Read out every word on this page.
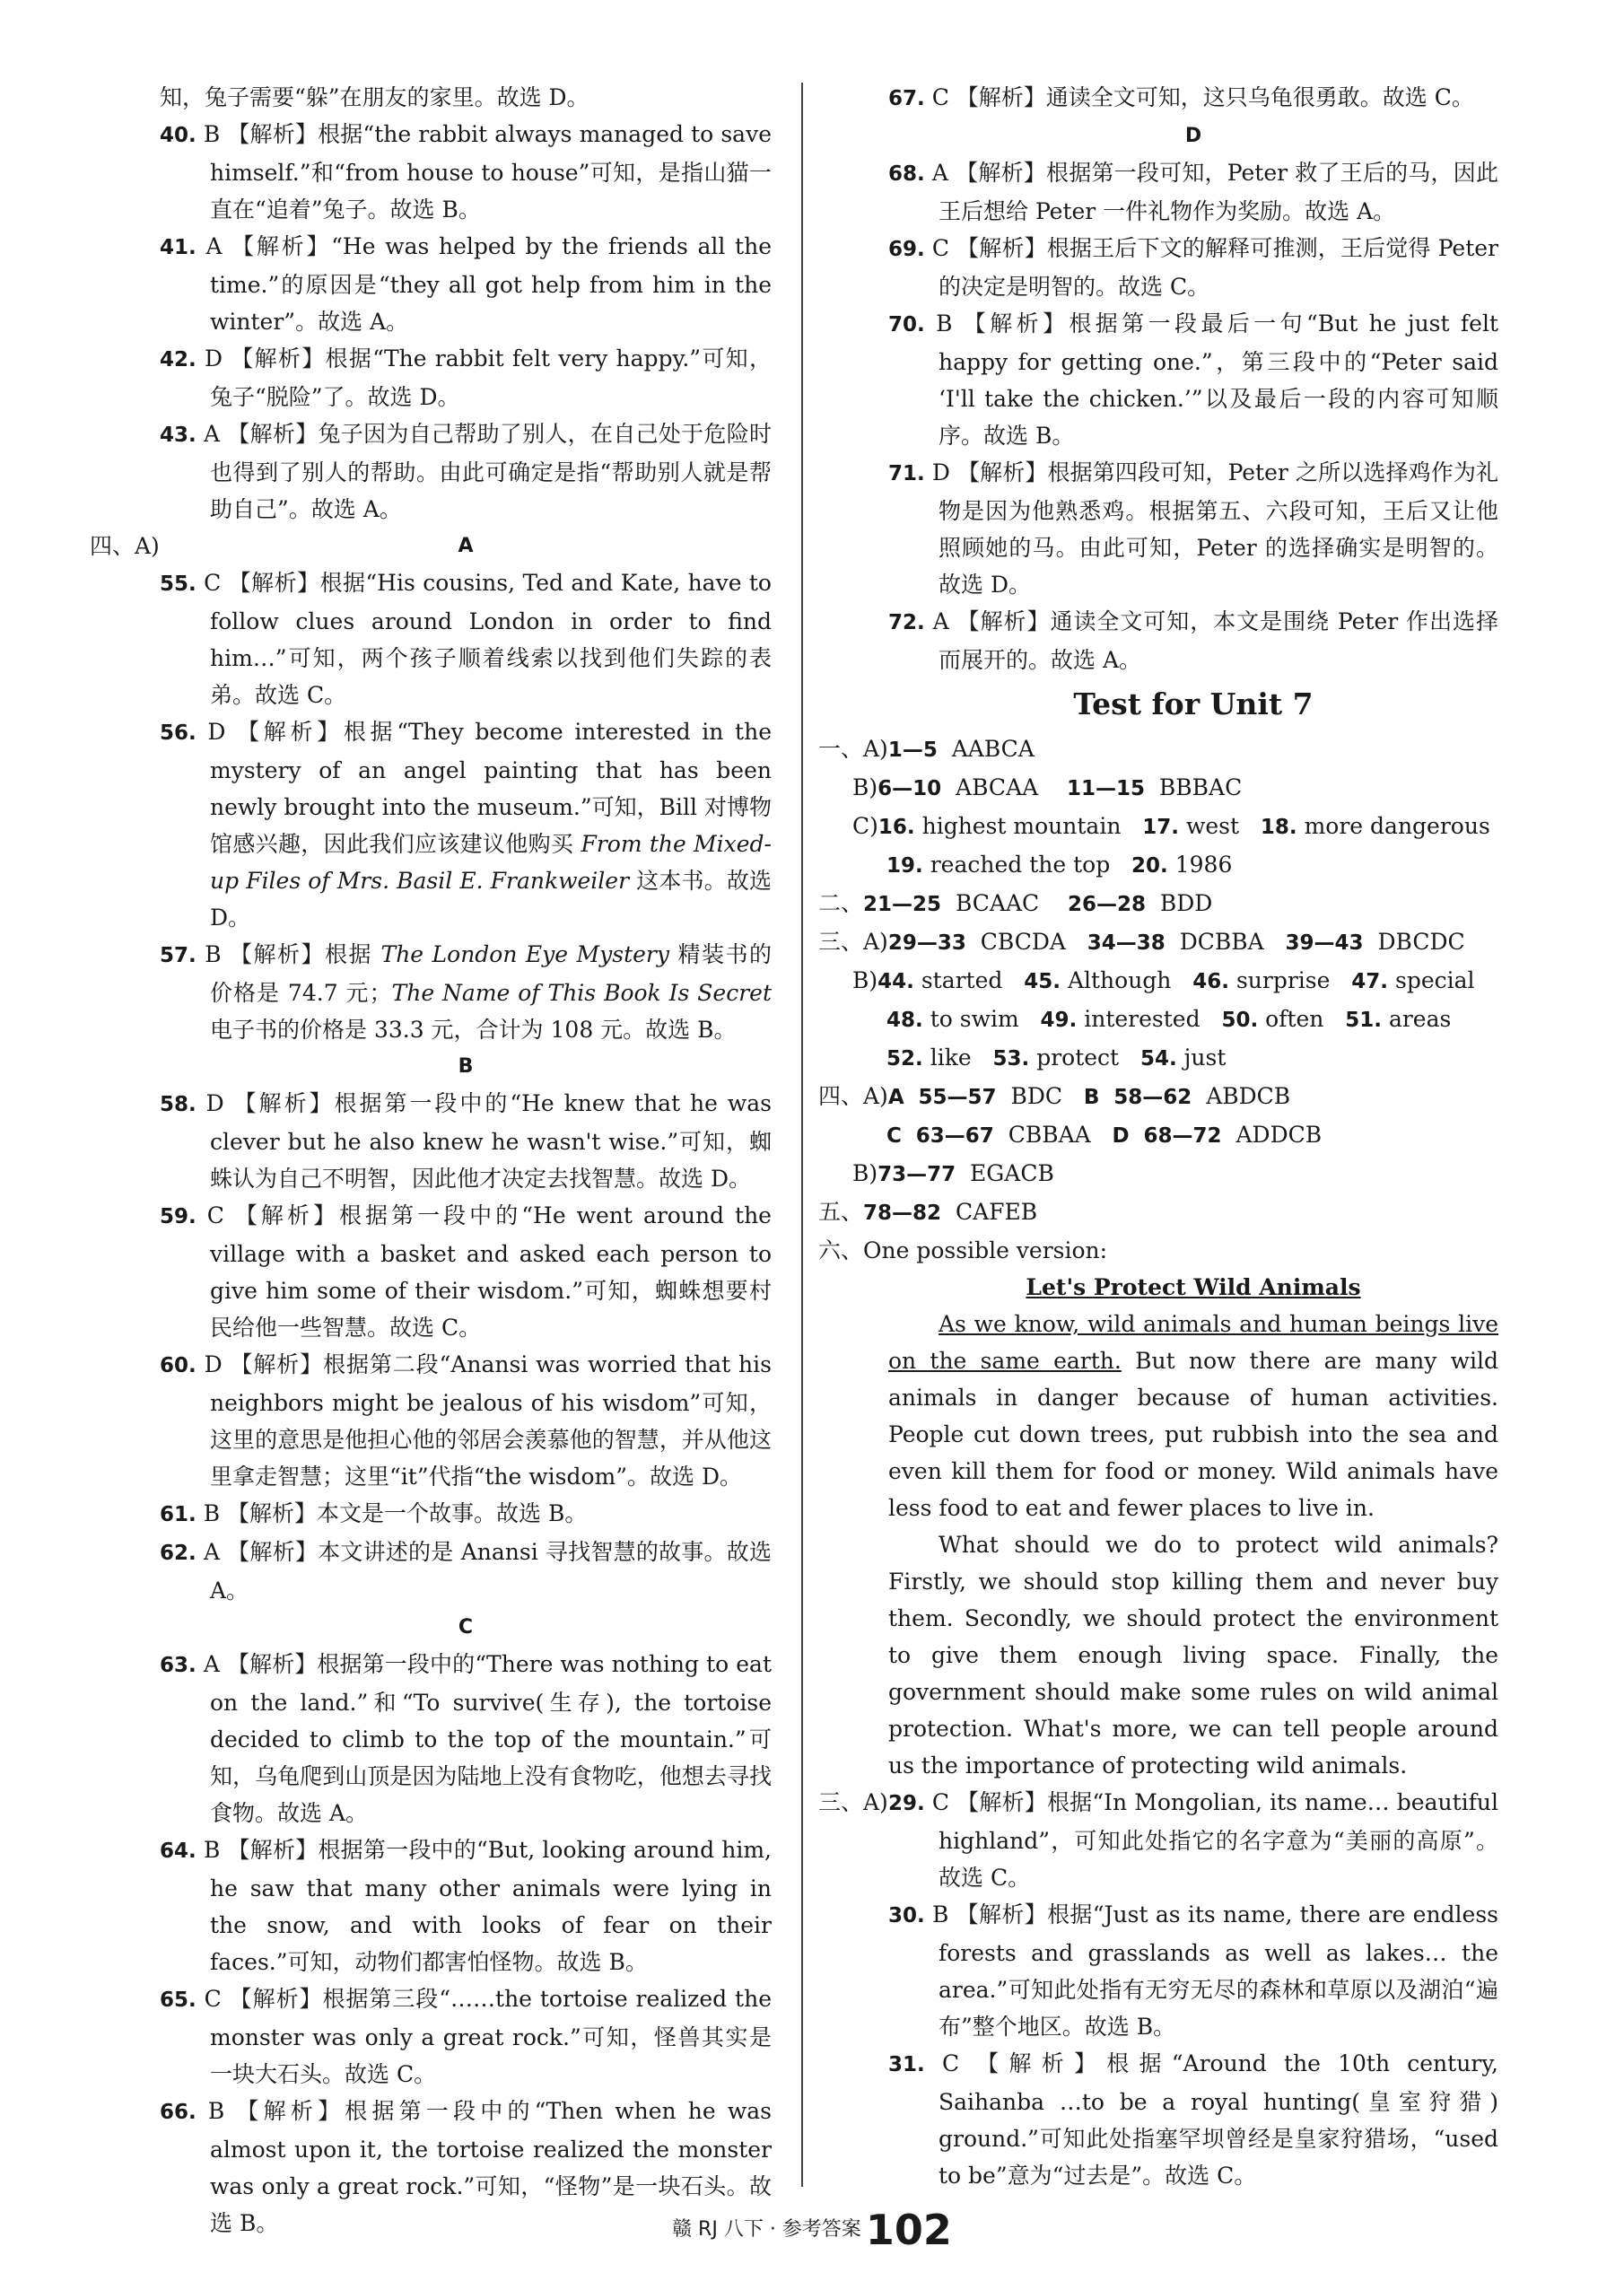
知，兔子需要“躲”在朋友的家里。故选 D。
40. B 【解析】根据“the rabbit always managed to save himself.”和“from house to house”可知，是指山猫一直在“追着”兔子。故选 B。
41. A 【解析】“He was helped by the friends all the time.”的原因是“they all got help from him in the winter”。故选 A。
42. D 【解析】根据“The rabbit felt very happy.”可知，兔子“脱险”了。故选 D。
43. A 【解析】兔子因为自己帮助了别人，在自己处于危险时也得到了别人的帮助。由此可确定是指“帮助别人就是帮助自己”。故选 A。
四、A)	A
55. C 【解析】根据“His cousins, Ted and Kate, have to follow clues around London in order to find him…”可知，两个孩子顺着线索以找到他们失踪的表弟。故选 C。
56. D 【解析】根据“They become interested in the mystery of an angel painting that has been newly brought into the museum.”可知，Bill 对博物馆感兴趣，因此我们应该建议他购买 From the Mixed-up Files of Mrs. Basil E. Frankweiler 这本书。故选 D。
57. B 【解析】根据 The London Eye Mystery 精装书的价格是 74.7 元；The Name of This Book Is Secret 电子书的价格是 33.3 元，合计为 108 元。故选 B。
B
58. D 【解析】根据第一段中的“He knew that he was clever but he also knew he wasn't wise.”可知，蜘蛛认为自己不明智，因此他才决定去找智慧。故选 D。
59. C 【解析】根据第一段中的“He went around the village with a basket and asked each person to give him some of their wisdom.”可知，蜘蛛想要村民给他一些智慧。故选 C。
60. D 【解析】根据第二段“Anansi was worried that his neighbors might be jealous of his wisdom”可知，这里的意思是他担心他的邻居会羡慕他的智慧，并从他这里拿走智慧；这里“it”代指“the wisdom”。故选 D。
61. B 【解析】本文是一个故事。故选 B。
62. A 【解析】本文讲述的是 Anansi 寻找智慧的故事。故选 A。
C
63. A 【解析】根据第一段中的“There was nothing to eat on the land.”和“To survive(生存), the tortoise decided to climb to the top of the mountain.”可知，乌龟爬到山顶是因为陆地上没有食物吃，他想去寻找食物。故选 A。
64. B 【解析】根据第一段中的“But, looking around him, he saw that many other animals were lying in the snow, and with looks of fear on their faces.”可知，动物们都害怕怪物。故选 B。
65. C 【解析】根据第三段“……the tortoise realized the monster was only a great rock.”可知，怪兽其实是一块大石头。故选 C。
66. B 【解析】根据第一段中的“Then when he was almost upon it, the tortoise realized the monster was only a great rock.”可知，“怪物”是一块石头。故选 B。
67. C 【解析】通读全文可知，这只乌龟很勇敢。故选 C。
D
68. A 【解析】根据第一段可知，Peter 救了王后的马，因此王后想给 Peter 一件礼物作为奖励。故选 A。
69. C 【解析】根据王后下文的解释可推测，王后觉得 Peter 的决定是明智的。故选 C。
70. B 【解析】根据第一段最后一句“But he just felt happy for getting one.”，第三段中的“Peter said ‘I'll take the chicken.’”以及最后一段的内容可知顺序。故选 B。
71. D 【解析】根据第四段可知，Peter 之所以选择鸡作为礼物是因为他熟悉鸡。根据第五、六段可知，王后又让他照顾她的马。由此可知，Peter 的选择确实是明智的。故选 D。
72. A 【解析】通读全文可知，本文是围绕 Peter 作出选择而展开的。故选 A。
Test for Unit 7
一、A)1—5 AABCA
B)6—10 ABCAA 11—15 BBBAC
C)16. highest mountain 17. west 18. more dangerous
19. reached the top 20. 1986
二、21—25 BCAAC 26—28 BDD
三、A)29—33 CBCDA 34—38 DCBBA 39—43 DBCDC
B)44. started 45. Although 46. surprise 47. special
48. to swim 49. interested 50. often 51. areas
52. like 53. protect 54. just
四、A)A 55—57 BDC B 58—62 ABDCB
C 63—67 CBBAA D 68—72 ADDCB
B)73—77 EGACB
五、78—82 CAFEB
六、One possible version:
Let's Protect Wild Animals

As we know, wild animals and human beings live on the same earth. But now there are many wild animals in danger because of human activities. People cut down trees, put rubbish into the sea and even kill them for food or money. Wild animals have less food to eat and fewer places to live in.

What should we do to protect wild animals? Firstly, we should stop killing them and never buy them. Secondly, we should protect the environment to give them enough living space. Finally, the government should make some rules on wild animal protection. What's more, we can tell people around us the importance of protecting wild animals.

三、A) 29. C 【解析】根据“In Mongolian, its name… beautiful highland”，可知此处指它的名字意为“美丽的高原”。故选 C。
30. B 【解析】根据“Just as its name, there are endless forests and grasslands as well as lakes… the area.”可知此处指有无穷无尽的森林和草原以及湖泊“遍布”整个地区。故选 B。
31. C 【解析】根据“Around the 10th century, Saihanba …to be a royal hunting(皇室狩猎) ground.”可知此处指塞罕坝曾经是皇家狩猎场，“used to be”意为“过去是”。故选 C。
赣 RJ 八下 · 参考答案 102
